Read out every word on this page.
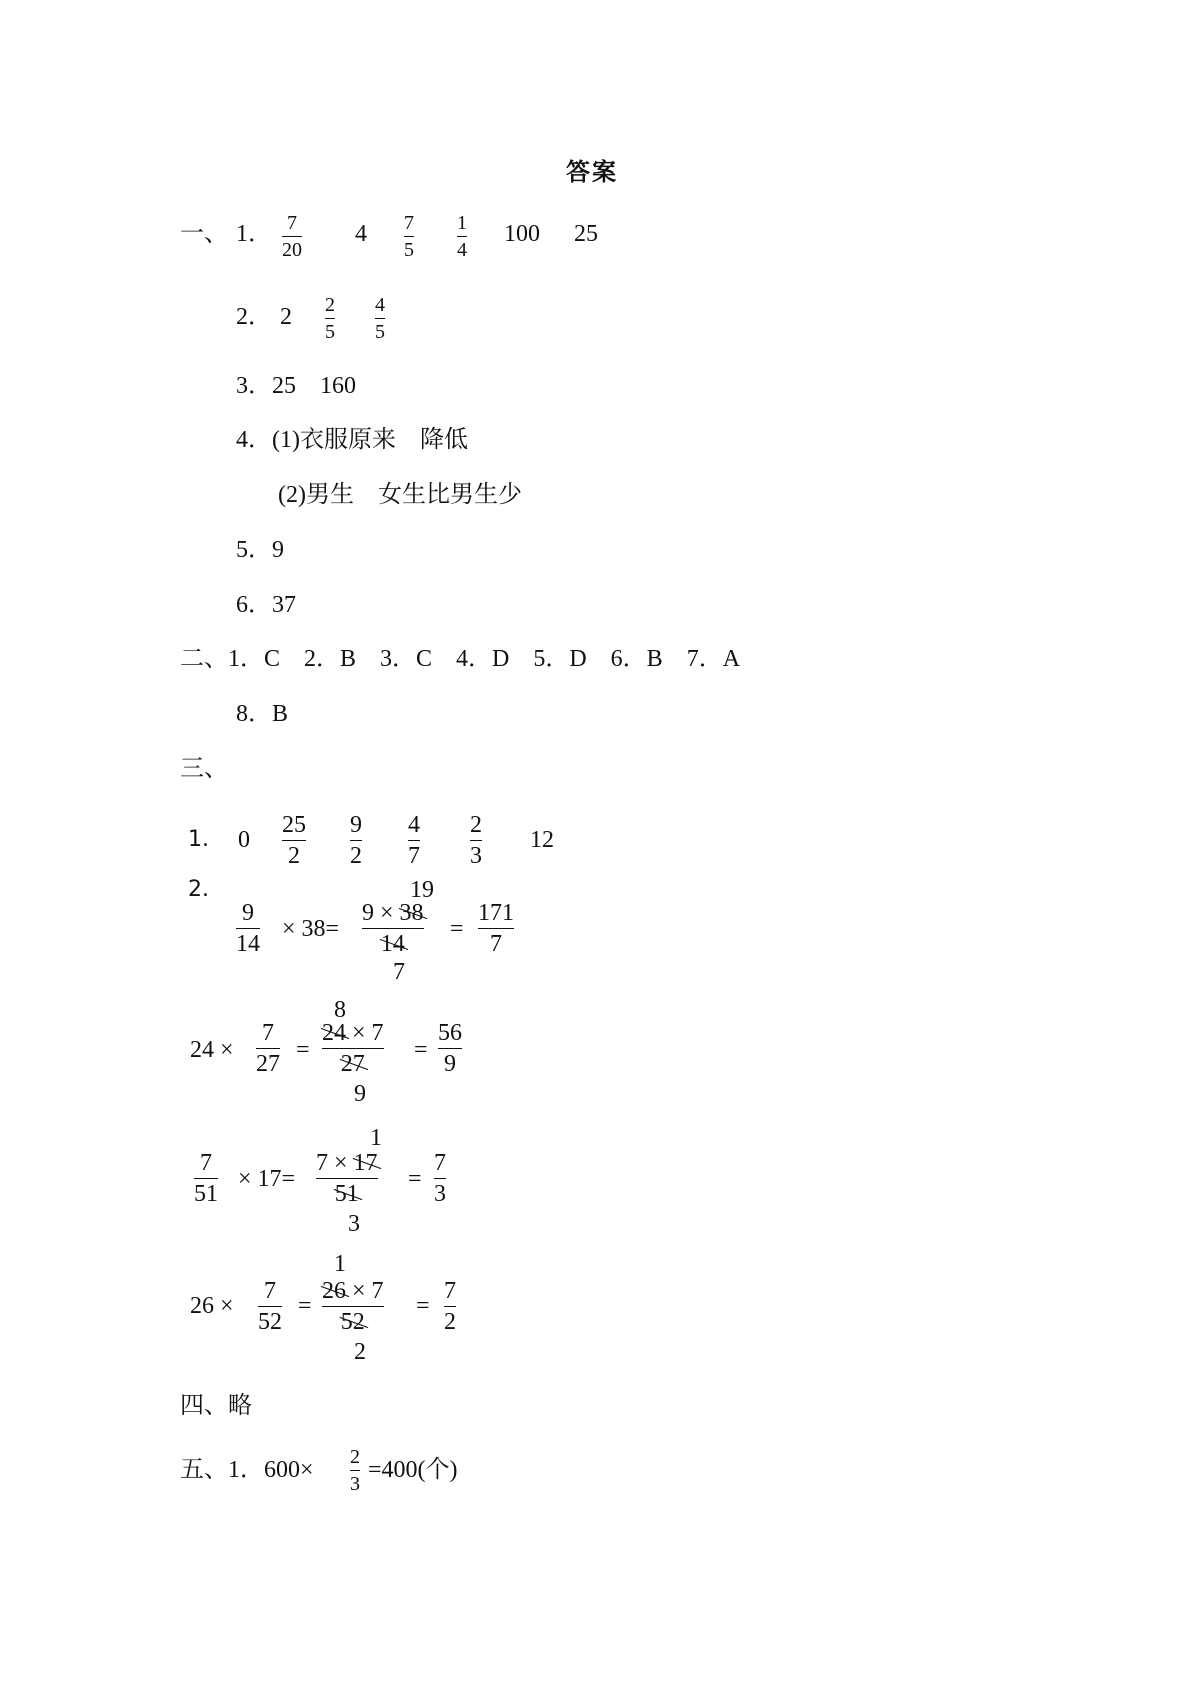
答案
一、 1． 7
20
4 7
5
1
4
100 25
2． 2 2
5
4
5
3．25　160
4．(1)衣服原来　降低
(2)男生　女生比男生少
5．9
6．37
二、1．C　2．B　3．C　4．D　5．D　6．B　7．A
8．B
三、
1. 0
25
2
9
2
4
7
2
3
12
2.
9
14
× 38=
19
9 × 38
14
7
=
171
7
24 ×
7
27
=
8
24 × 7
27
9
=
56
9
7
51
× 17=
1
7 × 17
51
3
=
7
3
26 ×
7
52
=
1
26 × 7
52
2
=
7
2
四、略
五、1．600× 2
3
=400(个)
